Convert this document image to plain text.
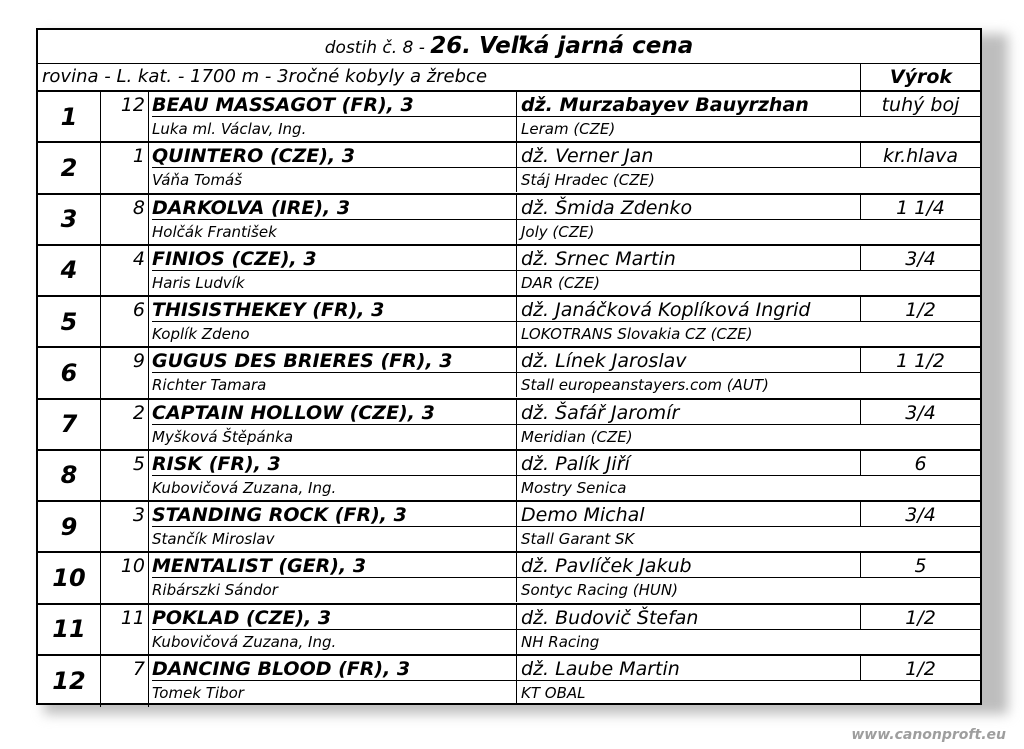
dostih č. 8 - 26. Veľká jarná cena
rovina - L. kat. - 1700 m - 3ročné kobyly a žrebce	Výrok
1	12 BEAU MASSAGOT (FR), 3	dž. Murzabayev Bauyrzhan	tuhý boj
Luka ml. Václav, Ing.	Leram (CZE)
2	1 QUINTERO (CZE), 3	dž. Verner Jan	kr.hlava
Váňa Tomáš	Stáj Hradec (CZE)
3	8 DARKOLVA (IRE), 3	dž. Šmida Zdenko	1 1/4
Holčák František	Joly (CZE)
4	4 FINIOS (CZE), 3	dž. Srnec Martin	3/4
Haris Ludvík	DAR (CZE)
5	6 THISISTHEKEY (FR), 3	dž. Janáčková Koplíková Ingrid	1/2
Koplík Zdeno	LOKOTRANS Slovakia CZ (CZE)
6	9 GUGUS DES BRIERES (FR), 3	dž. Línek Jaroslav	1 1/2
Richter Tamara	Stall europeanstayers.com (AUT)
7	2 CAPTAIN HOLLOW (CZE), 3	dž. Šafář Jaromír	3/4
Myšková Štěpánka	Meridian (CZE)
8	5 RISK (FR), 3	dž. Palík Jiří	6
Kubovičová Zuzana, Ing.	Mostry Senica
9	3 STANDING ROCK (FR), 3	Demo Michal	3/4
Stančík Miroslav	Stall Garant SK
10	10 MENTALIST (GER), 3	dž. Pavlíček Jakub	5
Ribárszki Sándor	Sontyc Racing (HUN)
11	11 POKLAD (CZE), 3	dž. Budovič Štefan	1/2
Kubovičová Zuzana, Ing.	NH Racing
12	7 DANCING BLOOD (FR), 3	dž. Laube Martin	1/2
Tomek Tibor	KT OBAL
www.canonproft.eu
